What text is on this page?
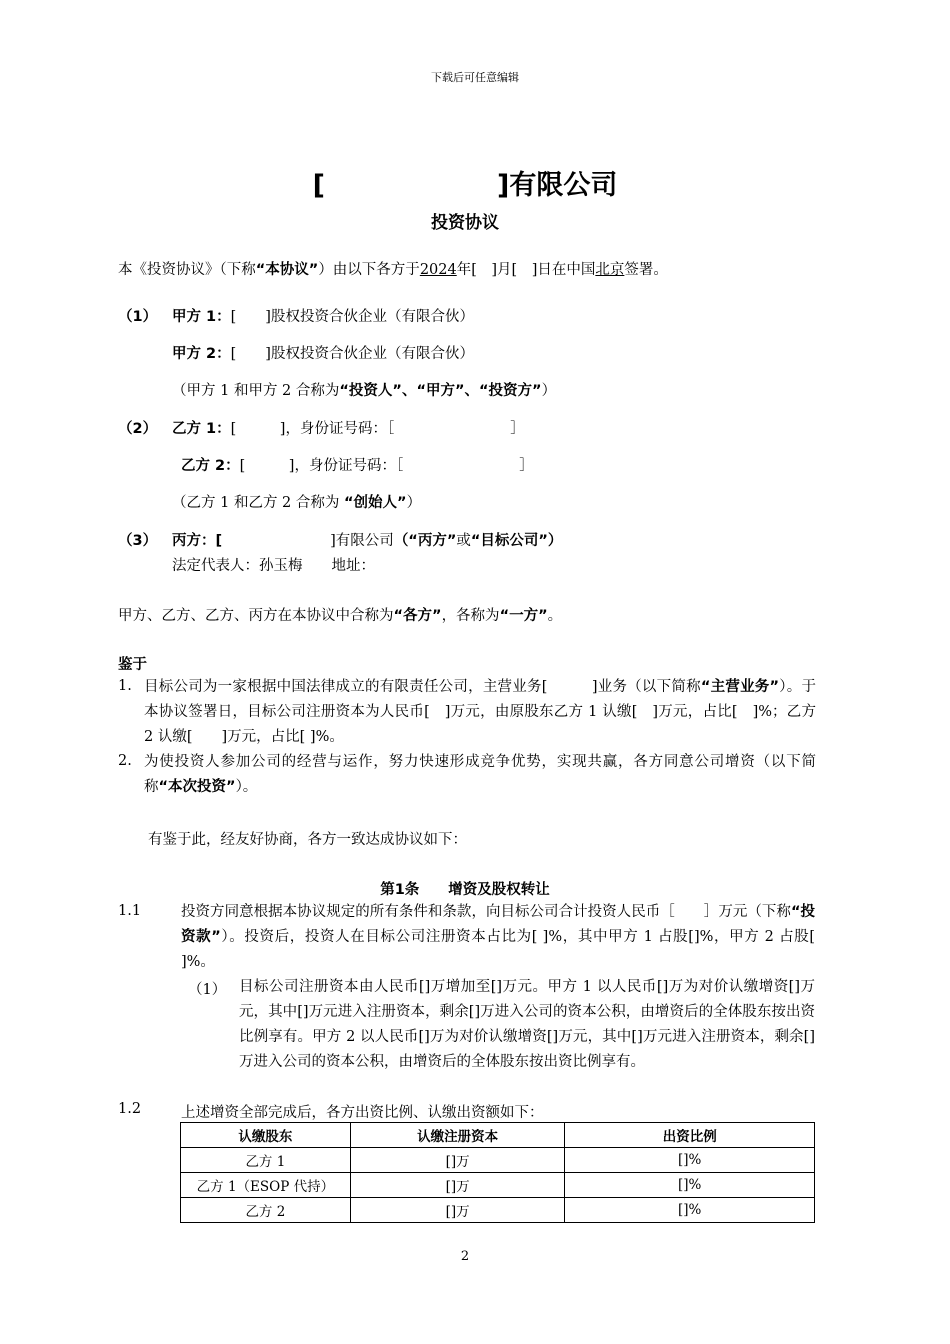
下载后可任意编辑
[	]有限公司
投资协议
本《投资协议》（下称“本协议”）由以下各方于2024年[　]月[　]日在中国北京签署。
（1） 甲方 1：[　　]股权投资合伙企业（有限合伙）
甲方 2：[　　]股权投资合伙企业（有限合伙）
（甲方 1 和甲方 2 合称为“投资人”、“甲方”、“投资方”）
（2） 乙方 1：[　　　]，身份证号码：［　　　　　　　　］
乙方 2：[　　　]，身份证号码：［　　　　　　　　］
（乙方 1 和乙方 2 合称为 “创始人”）
（3） 丙方：[	]有限公司（“丙方”或“目标公司”）
法定代表人：孙玉梅　　地址：
甲方、乙方、乙方、丙方在本协议中合称为“各方”，各称为“一方”。
鉴于
1. 目标公司为一家根据中国法律成立的有限责任公司，主营业务[　　　]业务（以下简称“主营业务”）。于本协议签署日，目标公司注册资本为人民币[　]万元，由原股东乙方 1 认缴[　]万元，占比[　]%；乙方 2 认缴[　　]万元，占比[ ]%。
2. 为使投资人参加公司的经营与运作，努力快速形成竞争优势，实现共赢，各方同意公司增资（以下简称“本次投资”）。
有鉴于此，经友好协商，各方一致达成协议如下：
第1条　　增资及股权转让
1.1	投资方同意根据本协议规定的所有条件和条款，向目标公司合计投资人民币［　　］万元（下称“投资款”）。投资后，投资人在目标公司注册资本占比为[ ]%，其中甲方 1 占股[]%，甲方 2 占股[ ]%。
（1） 目标公司注册资本由人民币[]万增加至[]万元。甲方 1 以人民币[]万为对价认缴增资[]万元，其中[]万元进入注册资本，剩余[]万进入公司的资本公积，由增资后的全体股东按出资比例享有。甲方 2 以人民币[]万为对价认缴增资[]万元，其中[]万元进入注册资本，剩余[]万进入公司的资本公积，由增资后的全体股东按出资比例享有。
1.2	上述增资全部完成后，各方出资比例、认缴出资额如下：
认缴股东	认缴注册资本	出资比例
乙方 1	[]万	[]%
乙方 1（ESOP 代持）	[]万	[]%
乙方 2	[]万	[]%
2
